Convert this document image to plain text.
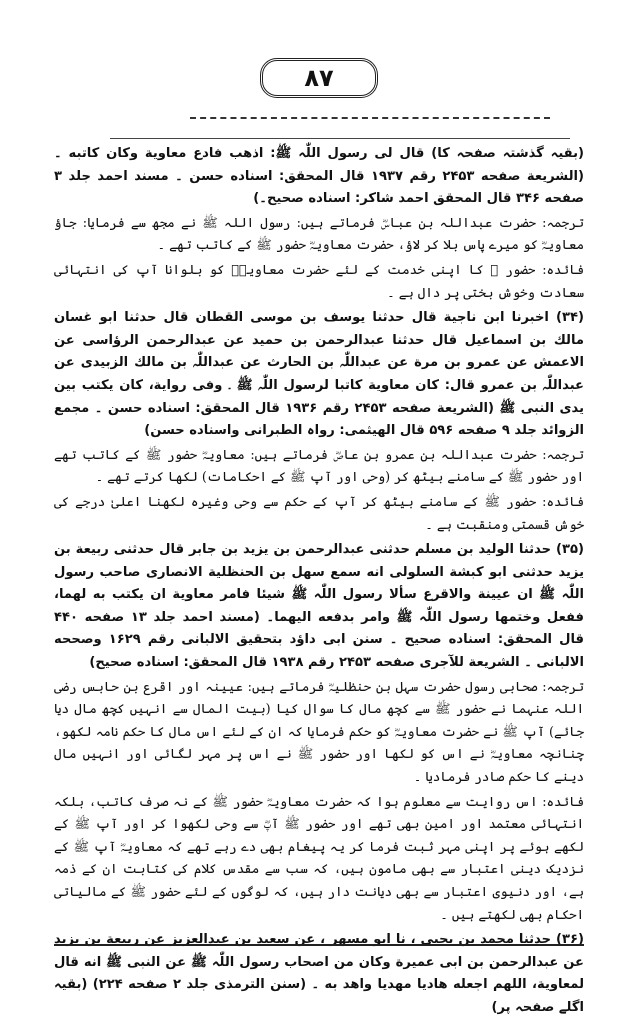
٨٧

(بقیہ گذشتہ صفحہ کا) قال لی رسول اللّٰہ ﷺ: اذھب فادع معاویة وکان کاتبه ۔ (الشریعة صفحه ۲۴۵۳ رقم ۱۹۳۷ قال المحقق: اسناده حسن ۔ مسند احمد جلد ۳ صفحه ۳۴۶ قال المحقق احمد شاکر: اسناده صحیح۔)

ترجمہ: حضرت عبداللہ بن عباسؓ فرماتے ہیں: رسول اللہ ﷺ نے مجھ سے فرمایا: جاؤ معاویہؓ کو میرے پاس بلا کر لاؤ، حضرت معاویہؓ حضور ﷺ کے کاتب تھے ۔

فائدہ: حضور ﷺ کا اپنی خدمت کے لئے حضرت معاویہؓ کو بلوانا آپ کی انتہائی سعادت وخوش بختی پر دال ہے ۔

(۳۴) اخبرنا ابن ناجیة قال حدثنا یوسف بن موسی القطان قال حدثنا ابو غسان مالك بن اسماعیل قال حدثنا عبدالرحمن بن حمید عن عبدالرحمن الرؤاسی عن الاعمش عن عمرو بن مرة عن عبداللّٰہ بن الحارث عن عبداللّٰہ بن مالك الزبیدی عن عبداللّٰہ بن عمرو قال: کان معاویة کاتبا لرسول اللّٰہ ﷺ ۔ وفی روایة، کان یکتب بین یدی النبی ﷺ (الشریعة صفحه ۲۴۵۳ رقم ۱۹۳۶ قال المحقق: اسناده حسن ۔ مجمع الزوائد جلد ۹ صفحه ۵۹۶ قال الھیثمی: رواہ الطبرانی واسناده حسن)

ترجمہ: حضرت عبداللہ بن عمرو بن عاصؓ فرماتے ہیں: معاویہؓ حضور ﷺ کے کاتب تھے اور حضور ﷺ کے سامنے بیٹھ کر (وحی اور آپ ﷺ کے احکامات) لکھا کرتے تھے ۔

فائدہ: حضور ﷺ کے سامنے بیٹھ کر آپ کے حکم سے وحی وغیرہ لکھنا اعلیٰ درجے کی خوش قسمتی ومنقبت ہے ۔

(۳۵) حدثنا الولید بن مسلم حدثنی عبدالرحمن بن یزید بن جابر قال حدثنی ربیعة بن یزید حدثنی ابو کبشة السلولی انه سمع سهل بن الحنظلیة الانصاری صاحب رسول اللّٰہ ﷺ ان عیینة والاقرع سألا رسول اللّٰہ ﷺ شیئا فامر معاویة ان یکتب به لهما، ففعل وختمها رسول اللّٰہ ﷺ وامر بدفعه الیهما۔ (مسند احمد جلد ۱۳ صفحه ۴۴۰ قال المحقق: اسناده صحیح ۔ سنن ابی داؤد بتحقیق الالبانی رقم ۱۶۲۹ وصححه الالبانی ۔ الشریعة للآجری صفحه ۲۴۵۳ رقم ۱۹۳۸ قال المحقق: اسناده صحیح)

ترجمہ: صحابی رسول حضرت سہل بن حنظلیہؓ فرماتے ہیں: عیینہ اور اقرع بن حابس رضی اللہ عنہما نے حضور ﷺ سے کچھ مال کا سوال کیا (بیت المال سے انہیں کچھ مال دیا جائے) آپ ﷺ نے حضرت معاویہؓ کو حکم فرمایا کہ ان کے لئے اس مال کا حکم نامہ لکھو، چنانچہ معاویہؓ نے اس کو لکھا اور حضور ﷺ نے اس پر مہر لگائی اور انہیں مال دینے کا حکم صادر فرمادیا ۔

فائدہ: اس روایت سے معلوم ہوا کہ حضرت معاویہؓ حضور ﷺ کے نہ صرف کاتب، بلکہ انتہائی معتمد اور امین بھی تھے اور حضور ﷺ آپؓ سے وحی لکھوا کر اور آپ ﷺ کے لکھے ہوئے پر اپنی مہر ثبت فرما کر یہ پیغام بھی دے رہے تھے کہ معاویہؓ آپ ﷺ کے نزدیک دینی اعتبار سے بھی مامون ہیں، کہ سب سے مقدس کلام کی کتابت ان کے ذمہ ہے، اور دنیوی اعتبار سے بھی دیانت دار ہیں، کہ لوگوں کے لئے حضور ﷺ کے مالیاتی احکام بھی لکھتے ہیں ۔

(۳۶) حدثنا محمد بن یحیی ، نا ابو مسهر ، عن سعید بن عبدالعزیز عن ربیعة بن یزید عن عبدالرحمن بن ابی عمیرة وکان من اصحاب رسول اللّٰہ ﷺ عن النبی ﷺ انه قال لمعاویة، اللهم اجعله هادیا مهدیا واهد به ۔ (سنن الترمذی جلد ۲ صفحه ۲۲۴) (بقیہ اگلے صفحہ پر)
